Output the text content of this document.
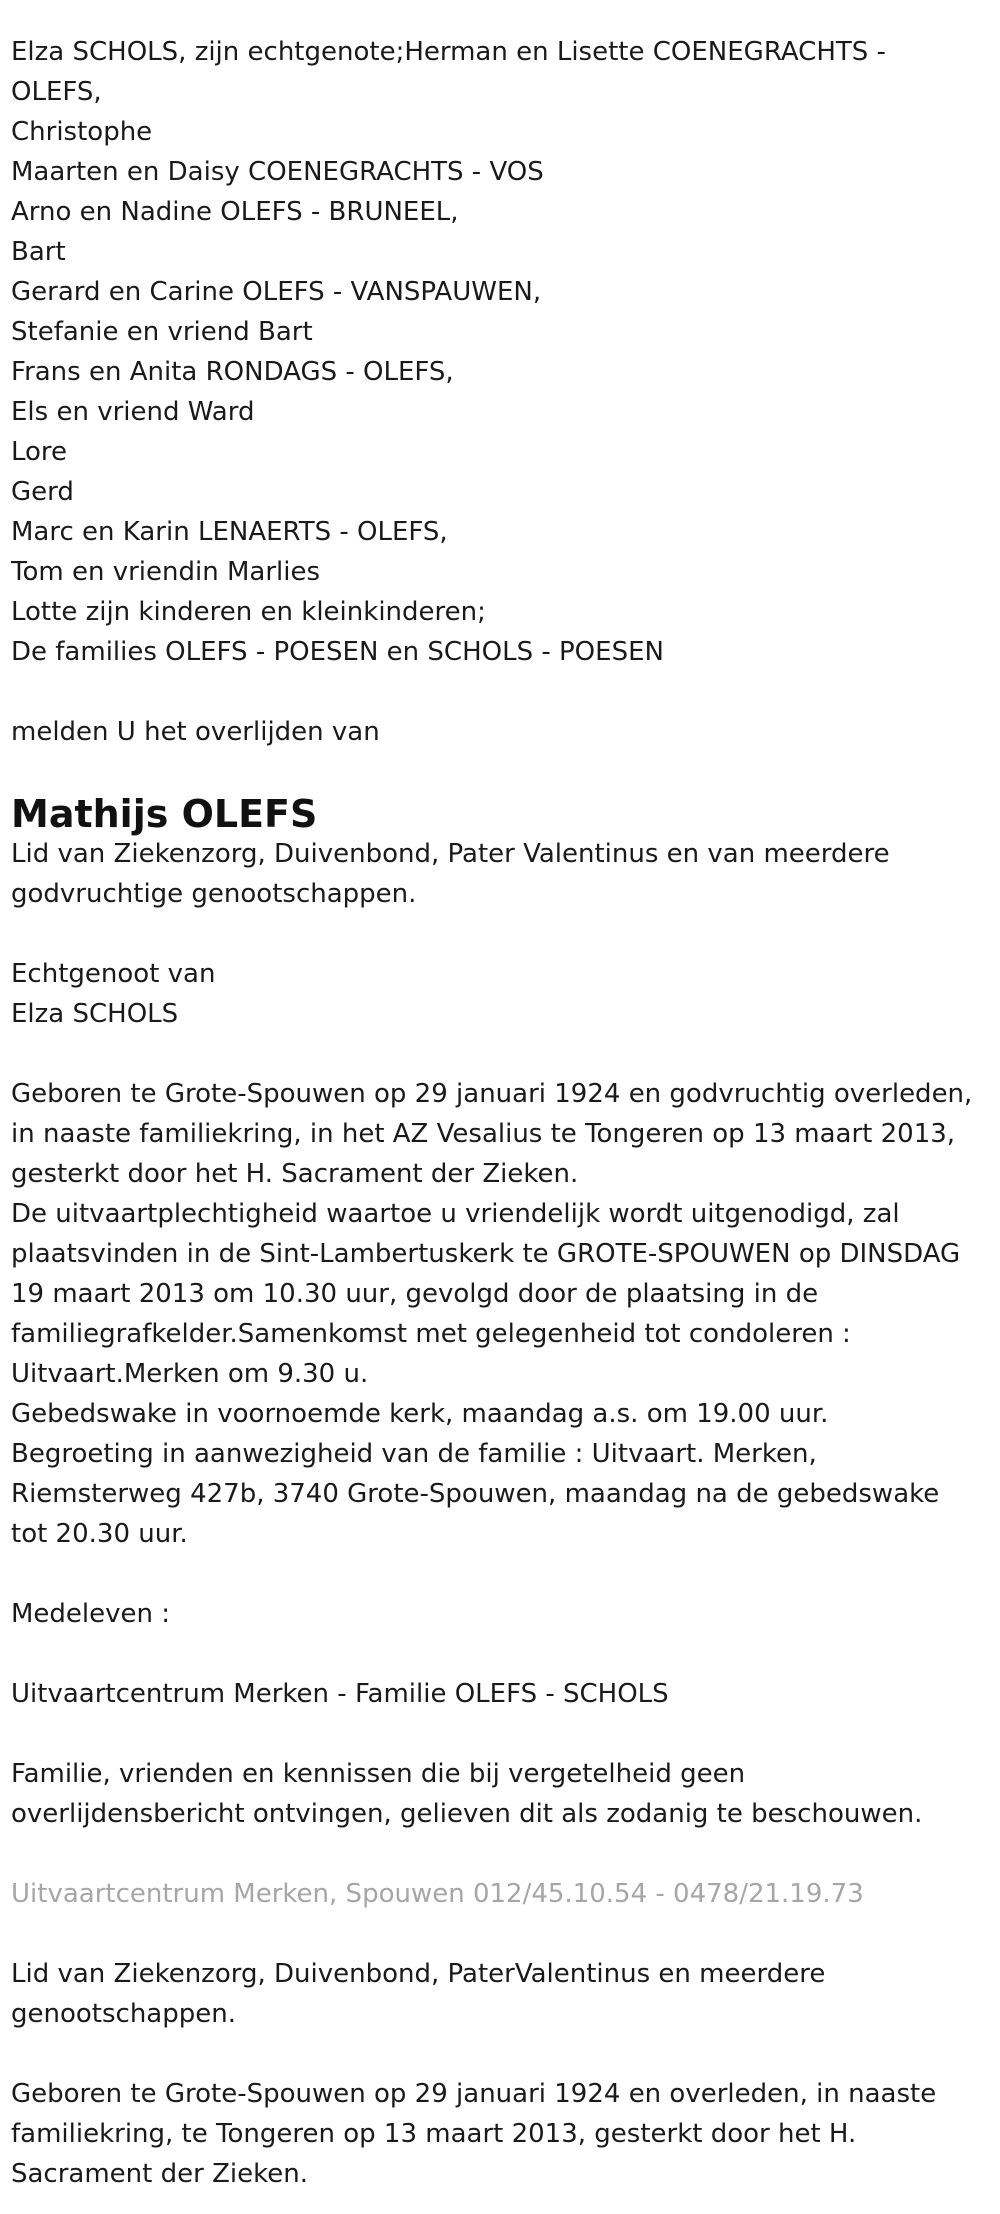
Elza SCHOLS, zijn echtgenote;Herman en Lisette COENEGRACHTS -

OLEFS,

Christophe

Maarten en Daisy COENEGRACHTS - VOS

Arno en Nadine OLEFS - BRUNEEL,

Bart

Gerard en Carine OLEFS - VANSPAUWEN,

Stefanie en vriend Bart

Frans en Anita RONDAGS - OLEFS,

Els en vriend Ward

Lore

Gerd

Marc en Karin LENAERTS - OLEFS,

Tom en vriendin Marlies

Lotte zijn kinderen en kleinkinderen;

De families OLEFS - POESEN en SCHOLS - POESEN

melden U het overlijden van

Mathijs OLEFS

Lid van Ziekenzorg, Duivenbond, Pater Valentinus en van meerdere

godvruchtige genootschappen.

Echtgenoot van

Elza SCHOLS

Geboren te Grote-Spouwen op 29 januari 1924 en godvruchtig overleden,

in naaste familiekring, in het AZ Vesalius te Tongeren op 13 maart 2013,

gesterkt door het H. Sacrament der Zieken.

De uitvaartplechtigheid waartoe u vriendelijk wordt uitgenodigd, zal

plaatsvinden in de Sint-Lambertuskerk te GROTE-SPOUWEN op DINSDAG

19 maart 2013 om 10.30 uur, gevolgd door de plaatsing in de

familiegrafkelder.Samenkomst met gelegenheid tot condoleren :

Uitvaart.Merken om 9.30 u.

Gebedswake in voornoemde kerk, maandag a.s. om 19.00 uur.

Begroeting in aanwezigheid van de familie : Uitvaart. Merken,

Riemsterweg 427b, 3740 Grote-Spouwen, maandag na de gebedswake

tot 20.30 uur.

Medeleven :

Uitvaartcentrum Merken - Familie OLEFS - SCHOLS

Familie, vrienden en kennissen die bij vergetelheid geen

overlijdensbericht ontvingen, gelieven dit als zodanig te beschouwen.

Uitvaartcentrum Merken, Spouwen 012/45.10.54 - 0478/21.19.73

Lid van Ziekenzorg, Duivenbond, PaterValentinus en meerdere

genootschappen.

Geboren te Grote-Spouwen op 29 januari 1924 en overleden, in naaste

familiekring, te Tongeren op 13 maart 2013, gesterkt door het H.

Sacrament der Zieken.
